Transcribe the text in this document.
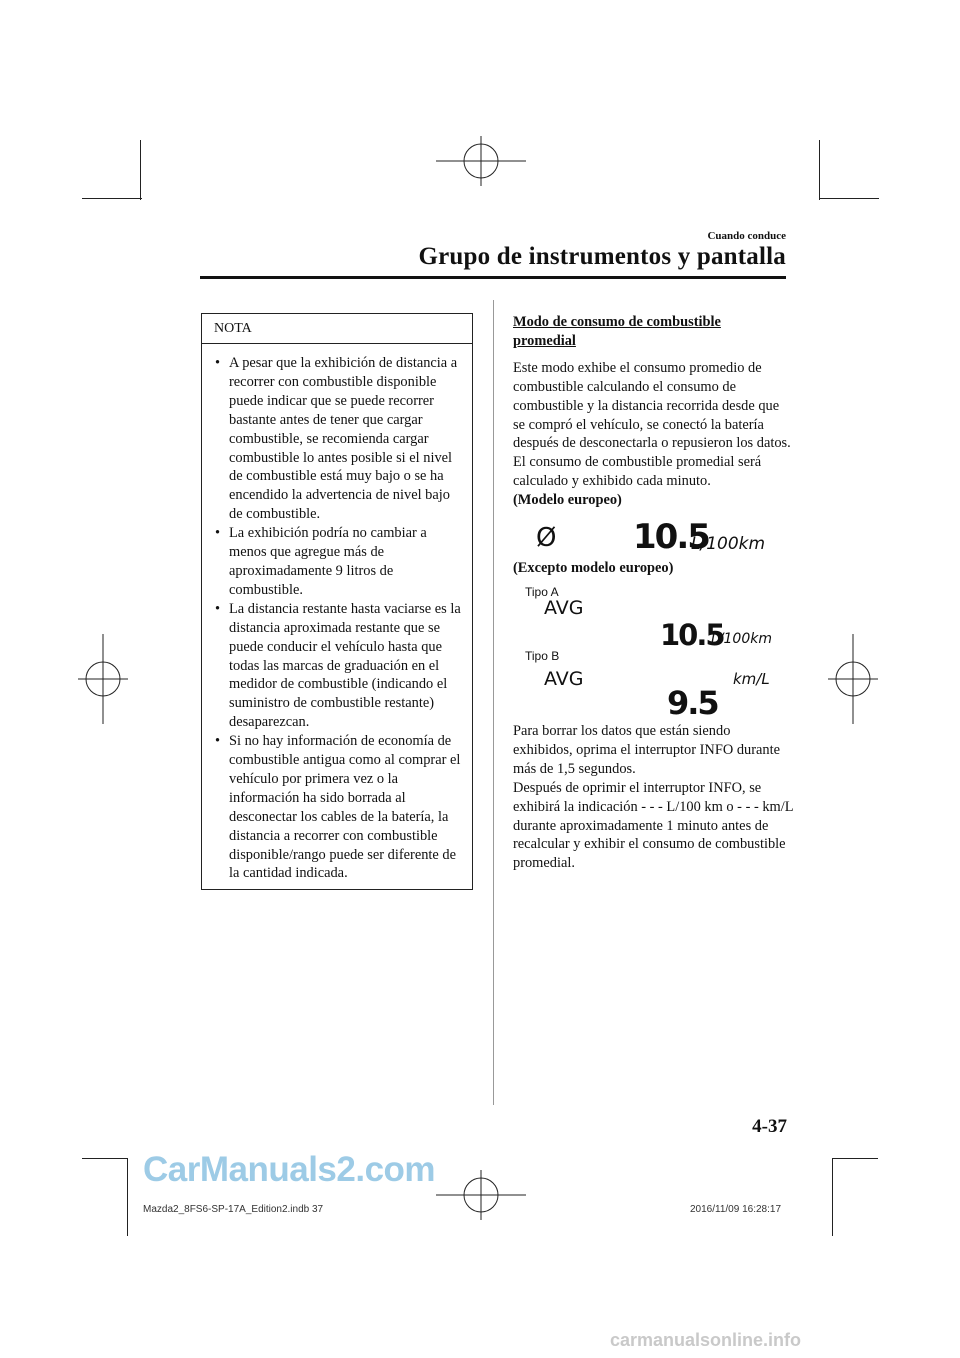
Cuando conduce
Grupo de instrumentos y pantalla
NOTA
• A pesar que la exhibición de distancia a recorrer con combustible disponible puede indicar que se puede recorrer bastante antes de tener que cargar combustible, se recomienda cargar combustible lo antes posible si el nivel de combustible está muy bajo o se ha encendido la advertencia de nivel bajo de combustible.
• La exhibición podría no cambiar a menos que agregue más de aproximadamente 9 litros de combustible.
• La distancia restante hasta vaciarse es la distancia aproximada restante que se puede conducir el vehículo hasta que todas las marcas de graduación en el medidor de combustible (indicando el suministro de combustible restante) desaparezcan.
• Si no hay información de economía de combustible antigua como al comprar el vehículo por primera vez o la información ha sido borrada al desconectar los cables de la batería, la distancia a recorrer con combustible disponible/rango puede ser diferente de la cantidad indicada.
Modo de consumo de combustible promedial
Este modo exhibe el consumo promedio de combustible calculando el consumo de combustible y la distancia recorrida desde que se compró el vehículo, se conectó la batería después de desconectarla o repusieron los datos. El consumo de combustible promedial será calculado y exhibido cada minuto.
(Modelo europeo)
Ø 10.5
L/100km
(Excepto modelo europeo)
Tipo A
AVG
10.5
L/100km
Tipo B
AVG	km/L
9.5
Para borrar los datos que están siendo exhibidos, oprima el interruptor INFO durante más de 1,5 segundos.
Después de oprimir el interruptor INFO, se exhibirá la indicación - - - L/100 km o - - - km/L durante aproximadamente 1 minuto antes de recalcular y exhibir el consumo de combustible promedial.
4-37
CarManuals2.com
Mazda2_8FS6-SP-17A_Edition2.indb 37	2016/11/09 16:28:17
carmanualsonline.info
